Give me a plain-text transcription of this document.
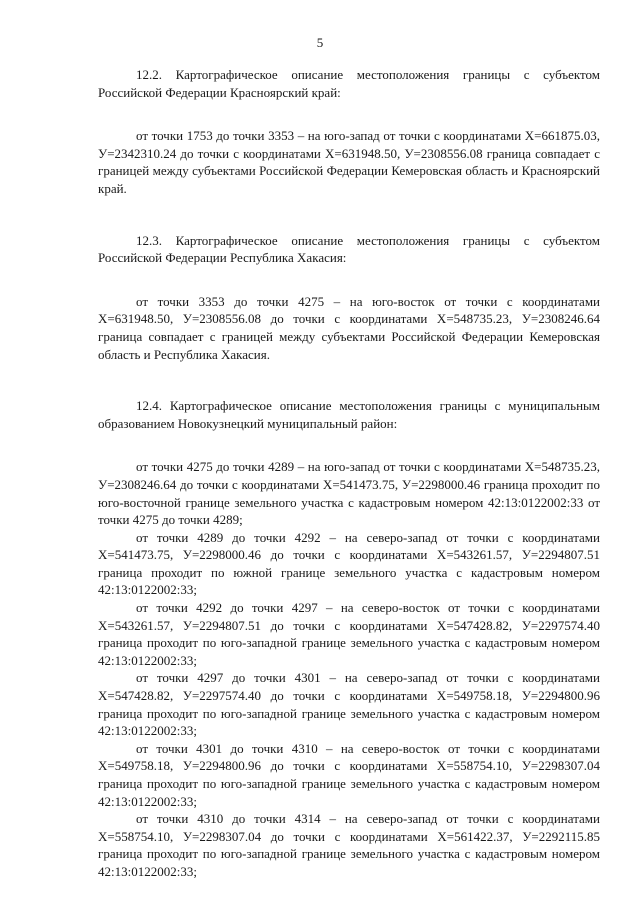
5

12.2. Картографическое описание местоположения границы с субъектом Российской Федерации Красноярский край:

от точки 1753 до точки 3353 – на юго-запад от точки с координатами Х=661875.03, У=2342310.24 до точки с координатами Х=631948.50, У=2308556.08 граница совпадает с границей между субъектами Российской Федерации Кемеровская область и Красноярский край.

12.3. Картографическое описание местоположения границы с субъектом Российской Федерации Республика Хакасия:

от точки 3353 до точки 4275 – на юго-восток от точки с координатами Х=631948.50, У=2308556.08 до точки с координатами Х=548735.23, У=2308246.64 граница совпадает с границей между субъектами Российской Федерации Кемеровская область и Республика Хакасия.

12.4. Картографическое описание местоположения границы с муниципальным образованием Новокузнецкий муниципальный район:

от точки 4275 до точки 4289 – на юго-запад от точки с координатами Х=548735.23, У=2308246.64 до точки с координатами Х=541473.75, У=2298000.46 граница проходит по юго-восточной границе земельного участка с кадастровым номером 42:13:0122002:33 от точки 4275 до точки 4289;

от точки 4289 до точки 4292 – на северо-запад от точки с координатами Х=541473.75, У=2298000.46 до точки с координатами Х=543261.57, У=2294807.51 граница проходит по южной границе земельного участка с кадастровым номером 42:13:0122002:33;

от точки 4292 до точки 4297 – на северо-восток от точки с координатами Х=543261.57, У=2294807.51 до точки с координатами Х=547428.82, У=2297574.40 граница проходит по юго-западной границе земельного участка с кадастровым номером 42:13:0122002:33;

от точки 4297 до точки 4301 – на северо-запад от точки с координатами Х=547428.82, У=2297574.40 до точки с координатами Х=549758.18, У=2294800.96 граница проходит по юго-западной границе земельного участка с кадастровым номером 42:13:0122002:33;

от точки 4301 до точки 4310 – на северо-восток от точки с координатами Х=549758.18, У=2294800.96 до точки с координатами Х=558754.10, У=2298307.04 граница проходит по юго-западной границе земельного участка с кадастровым номером 42:13:0122002:33;

от точки 4310 до точки 4314 – на северо-запад от точки с координатами Х=558754.10, У=2298307.04 до точки с координатами Х=561422.37, У=2292115.85 граница проходит по юго-западной границе земельного участка с кадастровым номером 42:13:0122002:33;
